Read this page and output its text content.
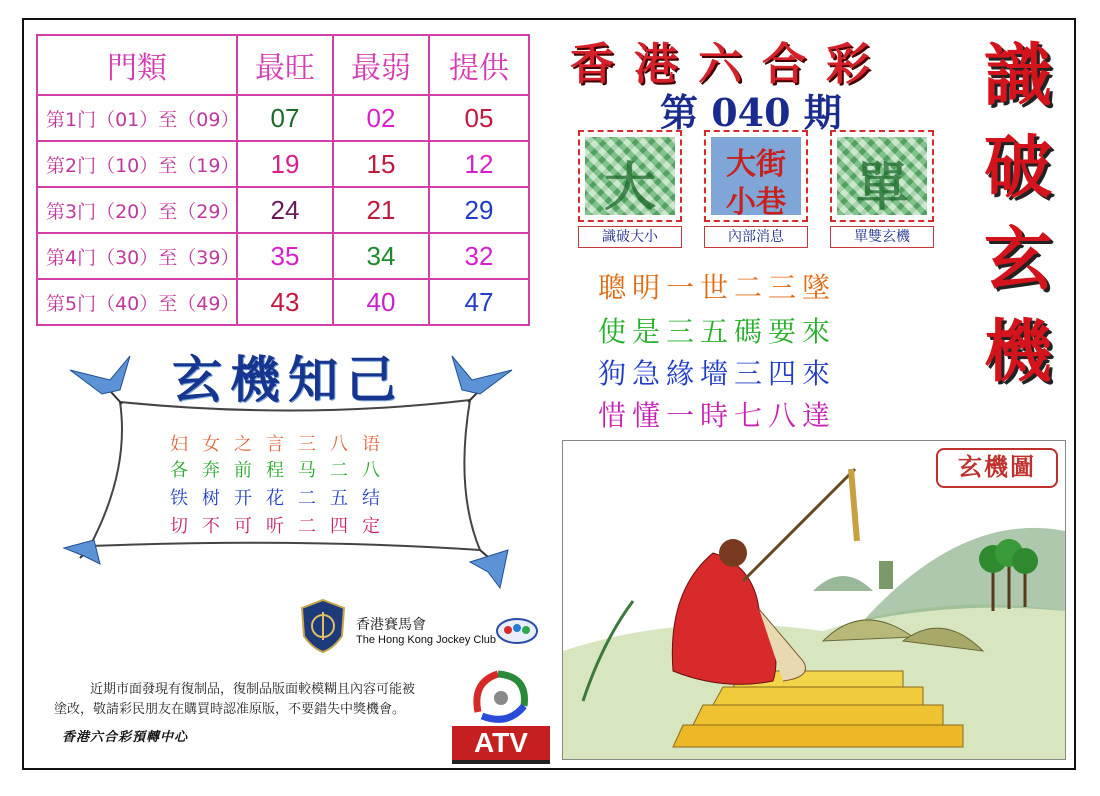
門類	最旺	最弱	提供
第1门（01）至（09）	07	02	05
第2门（10）至（19）	19	15	12
第3门（20）至（29）	24	21	29
第4门（30）至（39）	35	34	32
第5门（40）至（49）	43	40	47
香港六合彩
第 040 期 識破玄機
大
識破大小
大街
小巷
內部消息
單
單雙玄機
聰明一世二三墜
使是三五碼要來
狗急緣墻三四來
惜懂一時七八達
玄機知己
妇女之言三八语
各奔前程马二八
铁树开花二五结
切不可听二四定
香港賽馬會
The Hong Kong Jockey Club
近期市面發現有復制品，復制品版面較模糊且內容可能被塗改，敬請彩民朋友在購買時認准原版，不要錯失中獎機會。
香港六合彩預轉中心	ATV
玄機圖
